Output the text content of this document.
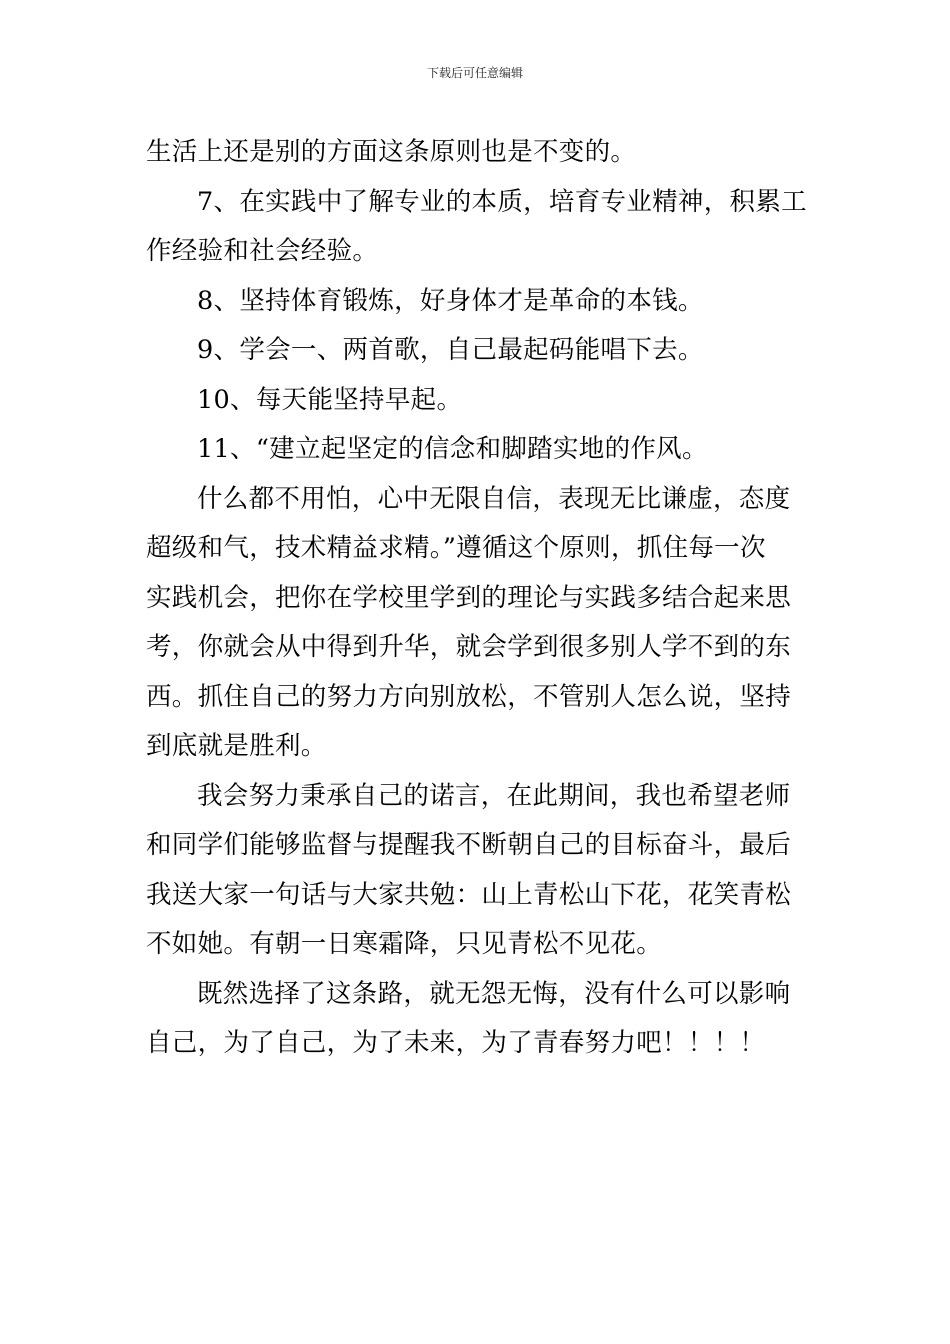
下载后可任意编辑
生活上还是别的方面这条原则也是不变的。
7、在实践中了解专业的本质，培育专业精神，积累工
作经验和社会经验。
8、坚持体育锻炼，好身体才是革命的本钱。
9、学会一、两首歌，自己最起码能唱下去。
10、每天能坚持早起。
11、“建立起坚定的信念和脚踏实地的作风。
什么都不用怕，心中无限自信，表现无比谦虚，态度
超级和气，技术精益求精。”遵循这个原则，抓住每一次
实践机会，把你在学校里学到的理论与实践多结合起来思
考，你就会从中得到升华，就会学到很多别人学不到的东
西。抓住自己的努力方向别放松，不管别人怎么说，坚持
到底就是胜利。
我会努力秉承自己的诺言，在此期间，我也希望老师
和同学们能够监督与提醒我不断朝自己的目标奋斗，最后
我送大家一句话与大家共勉：山上青松山下花，花笑青松
不如她。有朝一日寒霜降，只见青松不见花。
既然选择了这条路，就无怨无悔，没有什么可以影响
自己，为了自己，为了未来，为了青春努力吧！！！！
